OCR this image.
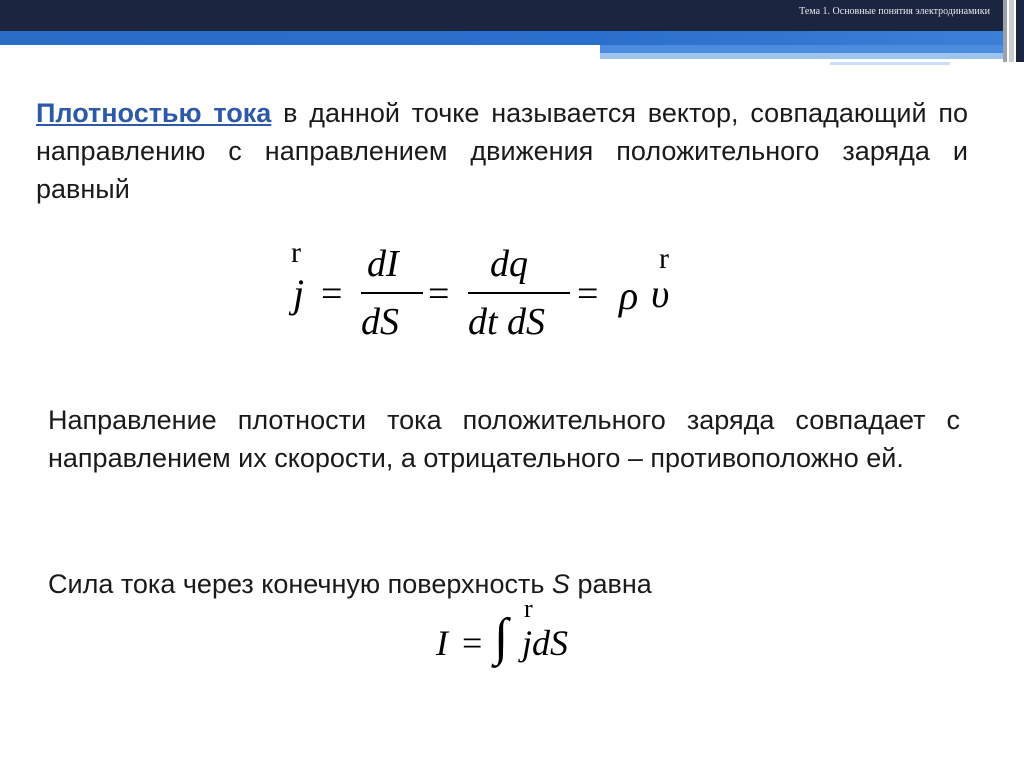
Тема 1. Основные понятия электродинамики
Плотностью тока в данной точке называется вектор, совпадающий по направлению с направлением движения положительного заряда и равный
r
j =
dI
dS
=
dq
dt dS
= ρ
r
υ
Направление плотности тока положительного заряда совпадает с направлением их скорости, а отрицательного – противоположно ей.
Сила тока через конечную поверхность S равна
I = ∫
r
jdS
